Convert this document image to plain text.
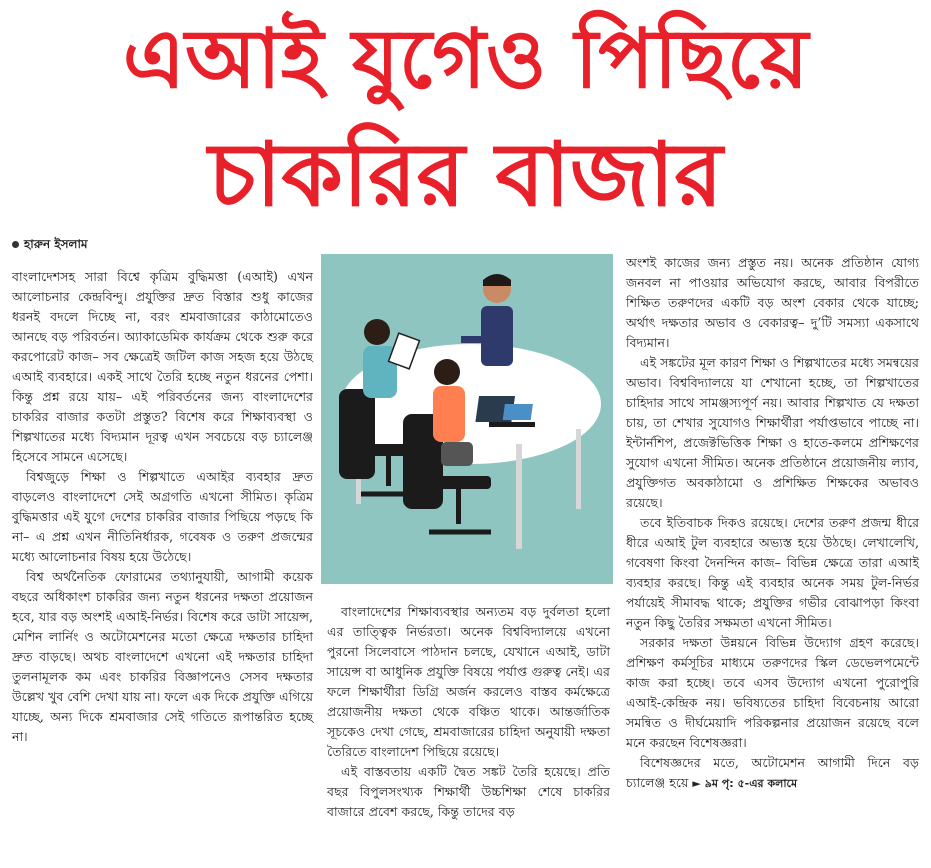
এআই যুগেও পিছিয়ে
চাকরির বাজার
হারুন ইসলাম

বাংলাদেশসহ সারা বিশ্বে কৃত্রিম বুদ্ধিমত্তা (এআই) এখন আলোচনার কেন্দ্রবিন্দু। প্রযুক্তির দ্রুত বিস্তার শুধু কাজের ধরনই বদলে দিচ্ছে না, বরং শ্রমবাজারের কাঠামোতেও আনছে বড় পরিবর্তন। অ্যাকাডেমিক কার্যক্রম থেকে শুরু করে করপোরেট কাজ– সব ক্ষেত্রেই জটিল কাজ সহজ হয়ে উঠছে এআই ব্যবহারে। একই সাথে তৈরি হচ্ছে নতুন ধরনের পেশা। কিন্তু প্রশ্ন রয়ে যায়– এই পরিবর্তনের জন্য বাংলাদেশের চাকরির বাজার কতটা প্রস্তুত? বিশেষ করে শিক্ষাব্যবস্থা ও শিল্পখাতের মধ্যে বিদ্যমান দূরত্ব এখন সবচেয়ে বড় চ্যালেঞ্জ হিসেবে সামনে এসেছে।

বিশ্বজুড়ে শিক্ষা ও শিল্পখাতে এআইর ব্যবহার দ্রুত বাড়লেও বাংলাদেশে সেই অগ্রগতি এখনো সীমিত। কৃত্রিম বুদ্ধিমত্তার এই যুগে দেশের চাকরির বাজার পিছিয়ে পড়ছে কি না– এ প্রশ্ন এখন নীতিনির্ধারক, গবেষক ও তরুণ প্রজন্মের মধ্যে আলোচনার বিষয় হয়ে উঠেছে।

বিশ্ব অর্থনৈতিক ফোরামের তথ্যানুযায়ী, আগামী কয়েক বছরে অধিকাংশ চাকরির জন্য নতুন ধরনের দক্ষতা প্রয়োজন হবে, যার বড় অংশই এআই-নির্ভর। বিশেষ করে ডাটা সায়েন্স, মেশিন লার্নিং ও অটোমেশনের মতো ক্ষেত্রে দক্ষতার চাহিদা দ্রুত বাড়ছে। অথচ বাংলাদেশে এখনো এই দক্ষতার চাহিদা তুলনামূলক কম এবং চাকরির বিজ্ঞাপনেও সেসব দক্ষতার উল্লেখ খুব বেশি দেখা যায় না। ফলে এক দিকে প্রযুক্তি এগিয়ে যাচ্ছে, অন্য দিকে শ্রমবাজার সেই গতিতে রূপান্তরিত হচ্ছে না।

বাংলাদেশের শিক্ষাব্যবস্থার অন্যতম বড় দুর্বলতা হলো এর তাত্ত্বিক নির্ভরতা। অনেক বিশ্ববিদ্যালয়ে এখনো পুরনো সিলেবাসে পাঠদান চলছে, যেখানে এআই, ডাটা সায়েন্স বা আধুনিক প্রযুক্তি বিষয়ে পর্যাপ্ত গুরুত্ব নেই। এর ফলে শিক্ষার্থীরা ডিগ্রি অর্জন করলেও বাস্তব কর্মক্ষেত্রে প্রয়োজনীয় দক্ষতা থেকে বঞ্চিত থাকে। আন্তর্জাতিক সূচকেও দেখা গেছে, শ্রমবাজারের চাহিদা অনুযায়ী দক্ষতা তৈরিতে বাংলাদেশ পিছিয়ে রয়েছে।

এই বাস্তবতায় একটি দ্বৈত সঙ্কট তৈরি হয়েছে। প্রতি বছর বিপুলসংখ্যক শিক্ষার্থী উচ্চশিক্ষা শেষে চাকরির বাজারে প্রবেশ করছে, কিন্তু তাদের বড়

অংশই কাজের জন্য প্রস্তুত নয়। অনেক প্রতিষ্ঠান যোগ্য জনবল না পাওয়ার অভিযোগ করছে, আবার বিপরীতে শিক্ষিত তরুণদের একটি বড় অংশ বেকার থেকে যাচ্ছে; অর্থাৎ দক্ষতার অভাব ও বেকারত্ব– দু’টি সমস্যা একসাথে বিদ্যমান।

এই সঙ্কটের মূল কারণ শিক্ষা ও শিল্পখাতের মধ্যে সমন্বয়ের অভাব। বিশ্ববিদ্যালয়ে যা শেখানো হচ্ছে, তা শিল্পখাতের চাহিদার সাথে সামঞ্জস্যপূর্ণ নয়। আবার শিল্পখাত যে দক্ষতা চায়, তা শেখার সুযোগও শিক্ষার্থীরা পর্যাপ্তভাবে পাচ্ছে না। ইন্টার্নশিপ, প্রজেক্টভিত্তিক শিক্ষা ও হাতে-কলমে প্রশিক্ষণের সুযোগ এখনো সীমিত। অনেক প্রতিষ্ঠানে প্রয়োজনীয় ল্যাব, প্রযুক্তিগত অবকাঠামো ও প্রশিক্ষিত শিক্ষকের অভাবও রয়েছে।

তবে ইতিবাচক দিকও রয়েছে। দেশের তরুণ প্রজন্ম ধীরে ধীরে এআই টুল ব্যবহারে অভ্যস্ত হয়ে উঠছে। লেখালেখি, গবেষণা কিংবা দৈনন্দিন কাজ– বিভিন্ন ক্ষেত্রে তারা এআই ব্যবহার করছে। কিন্তু এই ব্যবহার অনেক সময় টুল-নির্ভর পর্যায়েই সীমাবদ্ধ থাকে; প্রযুক্তির গভীর বোঝাপড়া কিংবা নতুন কিছু তৈরির সক্ষমতা এখনো সীমিত।

সরকার দক্ষতা উন্নয়নে বিভিন্ন উদ্যোগ গ্রহণ করেছে। প্রশিক্ষণ কর্মসূচির মাধ্যমে তরুণদের স্কিল ডেভেলপমেন্টে কাজ করা হচ্ছে। তবে এসব উদ্যোগ এখনো পুরোপুরি এআই-কেন্দ্রিক নয়। ভবিষ্যতের চাহিদা বিবেচনায় আরো সমন্বিত ও দীর্ঘমেয়াদি পরিকল্পনার প্রয়োজন রয়েছে বলে মনে করছেন বিশেষজ্ঞরা।

বিশেষজ্ঞদের মতে, অটোমেশন আগামী দিনে বড় চ্যালেঞ্জ হয়ে ► ৯ম পৃ: ৫-এর কলামে
